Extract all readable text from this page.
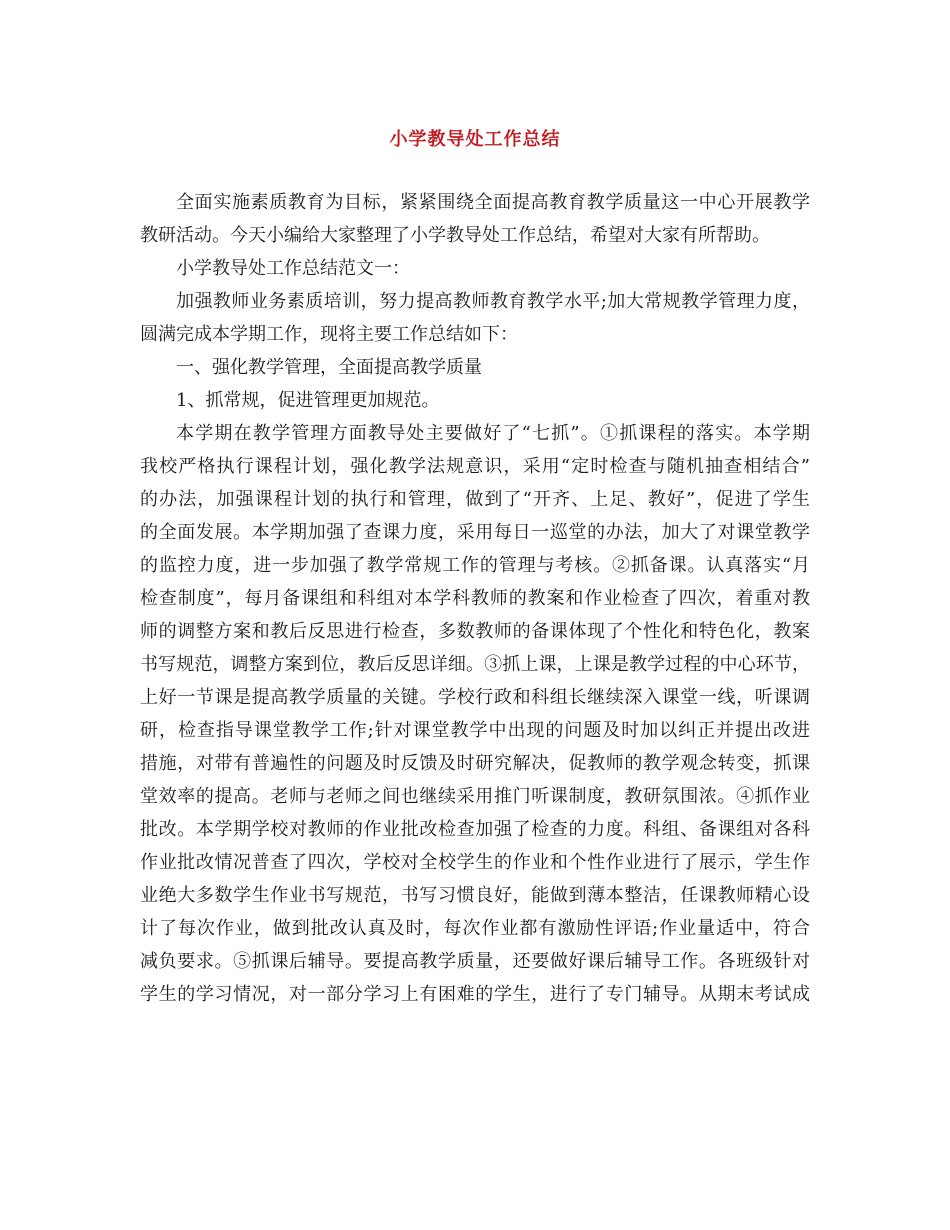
小学教导处工作总结
全面实施素质教育为目标，紧紧围绕全面提高教育教学质量这一中心开展教学
教研活动。今天小编给大家整理了小学教导处工作总结，希望对大家有所帮助。
小学教导处工作总结范文一：
加强教师业务素质培训，努力提高教师教育教学水平;加大常规教学管理力度，
圆满完成本学期工作，现将主要工作总结如下：
一、强化教学管理，全面提高教学质量
1、抓常规，促进管理更加规范。
本学期在教学管理方面教导处主要做好了“七抓”。①抓课程的落实。本学期
我校严格执行课程计划，强化教学法规意识，采用“定时检查与随机抽查相结合”
的办法，加强课程计划的执行和管理，做到了“开齐、上足、教好”，促进了学生
的全面发展。本学期加强了查课力度，采用每日一巡堂的办法，加大了对课堂教学
的监控力度，进一步加强了教学常规工作的管理与考核。②抓备课。认真落实“月
检查制度”，每月备课组和科组对本学科教师的教案和作业检查了四次，着重对教
师的调整方案和教后反思进行检查，多数教师的备课体现了个性化和特色化，教案
书写规范，调整方案到位，教后反思详细。③抓上课，上课是教学过程的中心环节，
上好一节课是提高教学质量的关键。学校行政和科组长继续深入课堂一线，听课调
研，检查指导课堂教学工作;针对课堂教学中出现的问题及时加以纠正并提出改进
措施，对带有普遍性的问题及时反馈及时研究解决，促教师的教学观念转变，抓课
堂效率的提高。老师与老师之间也继续采用推门听课制度，教研氛围浓。④抓作业
批改。本学期学校对教师的作业批改检查加强了检查的力度。科组、备课组对各科
作业批改情况普查了四次，学校对全校学生的作业和个性作业进行了展示，学生作
业绝大多数学生作业书写规范，书写习惯良好，能做到薄本整洁，任课教师精心设
计了每次作业，做到批改认真及时，每次作业都有激励性评语;作业量适中，符合
减负要求。⑤抓课后辅导。要提高教学质量，还要做好课后辅导工作。各班级针对
学生的学习情况，对一部分学习上有困难的学生，进行了专门辅导。从期末考试成
